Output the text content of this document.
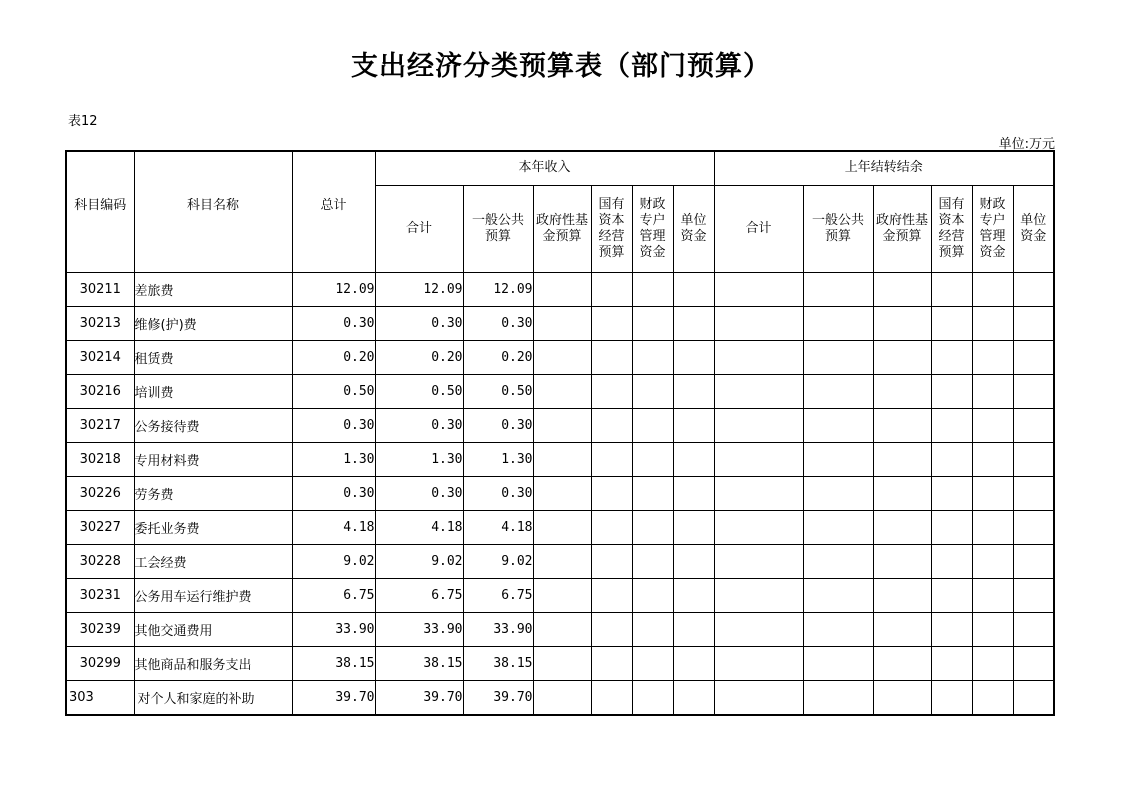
支出经济分类预算表（部门预算）
表12
单位:万元
科目编码	科目名称	总计	本年收入						上年结转结余					
			合计	一般公共预算	政府性基金预算	国有资本经营预算	财政专户管理资金	单位资金	合计	一般公共预算	政府性基金预算	国有资本经营预算	财政专户管理资金	单位资金
30211	差旅费	12.09	12.09	12.09										
30213	维修(护)费	0.30	0.30	0.30										
30214	租赁费	0.20	0.20	0.20										
30216	培训费	0.50	0.50	0.50										
30217	公务接待费	0.30	0.30	0.30										
30218	专用材料费	1.30	1.30	1.30										
30226	劳务费	0.30	0.30	0.30										
30227	委托业务费	4.18	4.18	4.18										
30228	工会经费	9.02	9.02	9.02										
30231	公务用车运行维护费	6.75	6.75	6.75										
30239	其他交通费用	33.90	33.90	33.90										
30299	其他商品和服务支出	38.15	38.15	38.15										
303	对个人和家庭的补助	39.70	39.70	39.70										
